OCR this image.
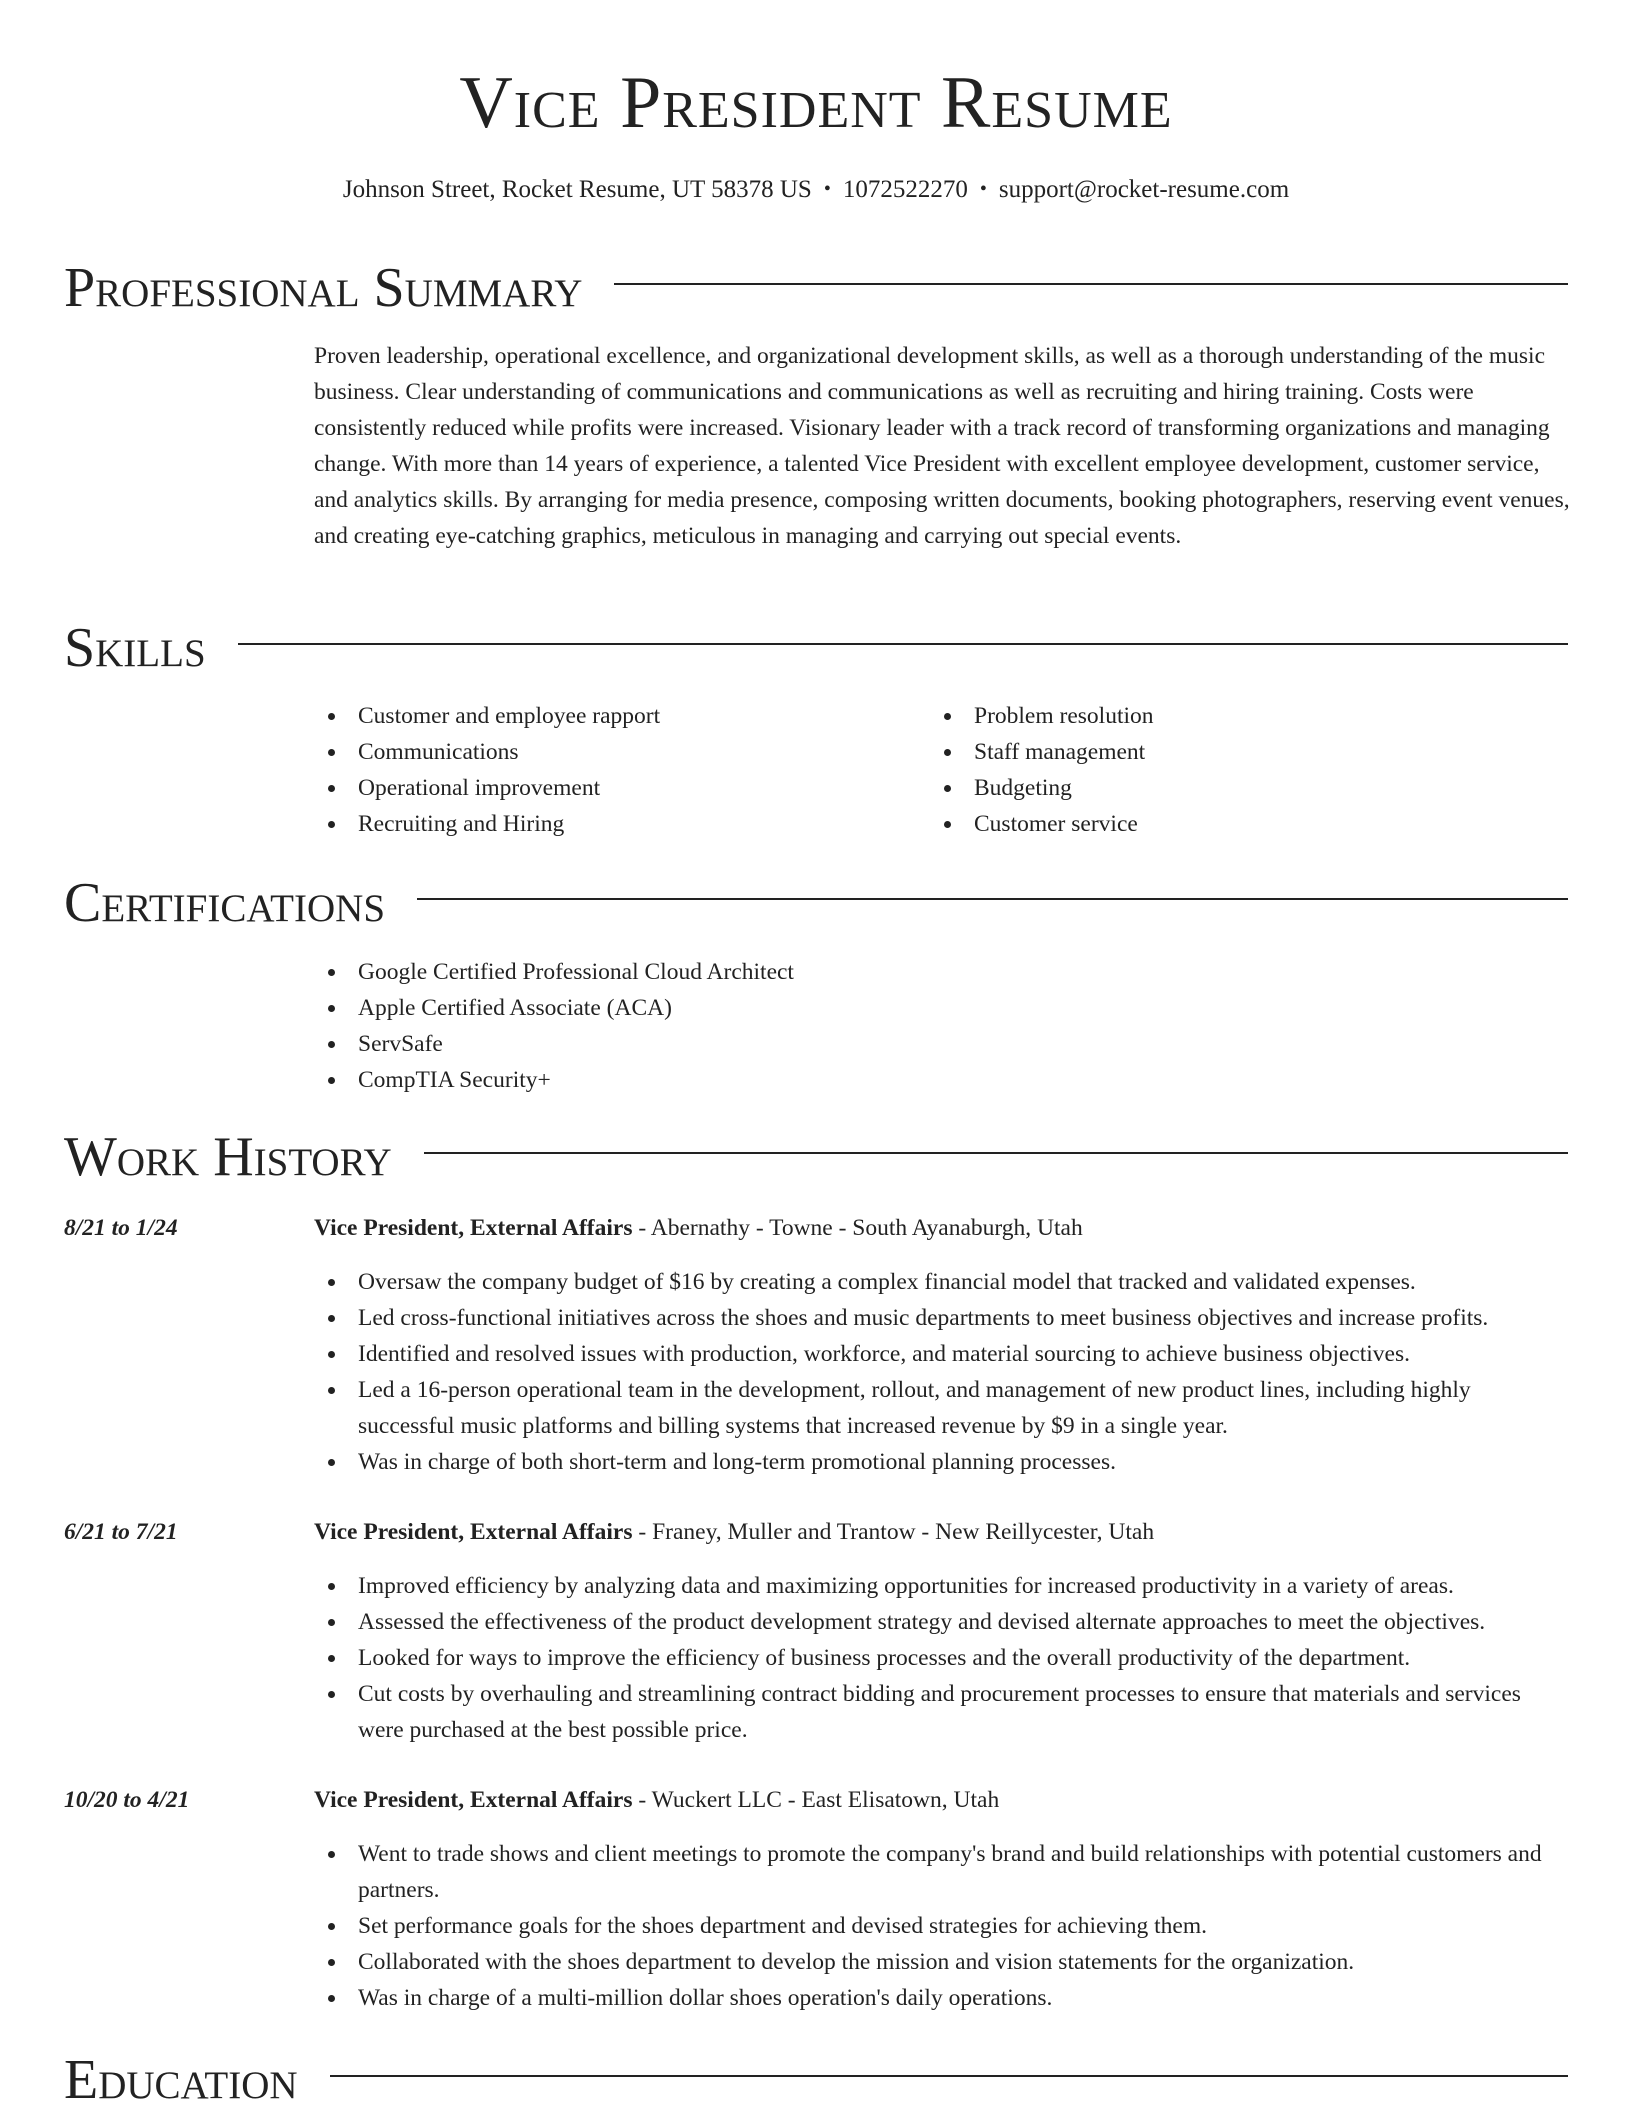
Vice President Resume
Johnson Street, Rocket Resume, UT 58378 US • 1072522270 • support@rocket-resume.com
Professional Summary

Proven leadership, operational excellence, and organizational development skills, as well as a thorough understanding of the music business. Clear understanding of communications and communications as well as recruiting and hiring training. Costs were consistently reduced while profits were increased. Visionary leader with a track record of transforming organizations and managing change. With more than 14 years of experience, a talented Vice President with excellent employee development, customer service, and analytics skills. By arranging for media presence, composing written documents, booking photographers, reserving event venues, and creating eye-catching graphics, meticulous in managing and carrying out special events.

Skills
Customer and employee rapport
Communications
Operational improvement
Recruiting and Hiring
Problem resolution
Staff management
Budgeting
Customer service
Certifications
Google Certified Professional Cloud Architect
Apple Certified Associate (ACA)
ServSafe
CompTIA Security+
Work History
8/21 to 1/24	Vice President, External Affairs - Abernathy - Towne - South Ayanaburgh, Utah
Oversaw the company budget of $16 by creating a complex financial model that tracked and validated expenses.
Led cross-functional initiatives across the shoes and music departments to meet business objectives and increase profits.
Identified and resolved issues with production, workforce, and material sourcing to achieve business objectives.
Led a 16-person operational team in the development, rollout, and management of new product lines, including highly successful music platforms and billing systems that increased revenue by $9 in a single year.
Was in charge of both short-term and long-term promotional planning processes.
6/21 to 7/21	Vice President, External Affairs - Franey, Muller and Trantow - New Reillycester, Utah
Improved efficiency by analyzing data and maximizing opportunities for increased productivity in a variety of areas.
Assessed the effectiveness of the product development strategy and devised alternate approaches to meet the objectives.
Looked for ways to improve the efficiency of business processes and the overall productivity of the department.
Cut costs by overhauling and streamlining contract bidding and procurement processes to ensure that materials and services were purchased at the best possible price.
10/20 to 4/21	Vice President, External Affairs - Wuckert LLC - East Elisatown, Utah
Went to trade shows and client meetings to promote the company's brand and build relationships with potential customers and partners.
Set performance goals for the shoes department and devised strategies for achieving them.
Collaborated with the shoes department to develop the mission and vision statements for the organization.
Was in charge of a multi-million dollar shoes operation's daily operations.
Education
